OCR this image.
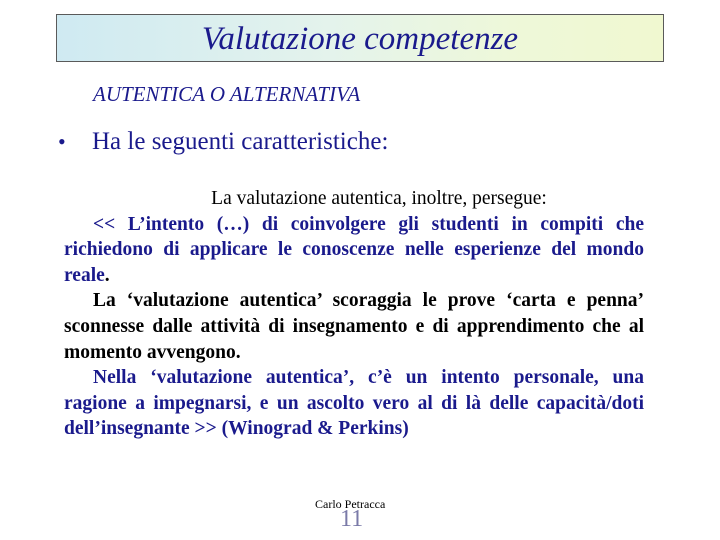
Valutazione competenze
AUTENTICA O ALTERNATIVA
• Ha le seguenti caratteristiche:
La valutazione autentica, inoltre, persegue:

<< L’intento (…) di coinvolgere gli studenti in compiti che richiedono di applicare le conoscenze nelle esperienze del mondo reale.

La ‘valutazione autentica’ scoraggia le prove ‘carta e penna’ sconnesse dalle attività di insegnamento e di apprendimento che al momento avvengono.

Nella ‘valutazione autentica’, c’è un intento personale, una ragione a impegnarsi, e un ascolto vero al di là delle capacità/doti dell’insegnante >> (Winograd & Perkins)

Carlo Petracca
11
